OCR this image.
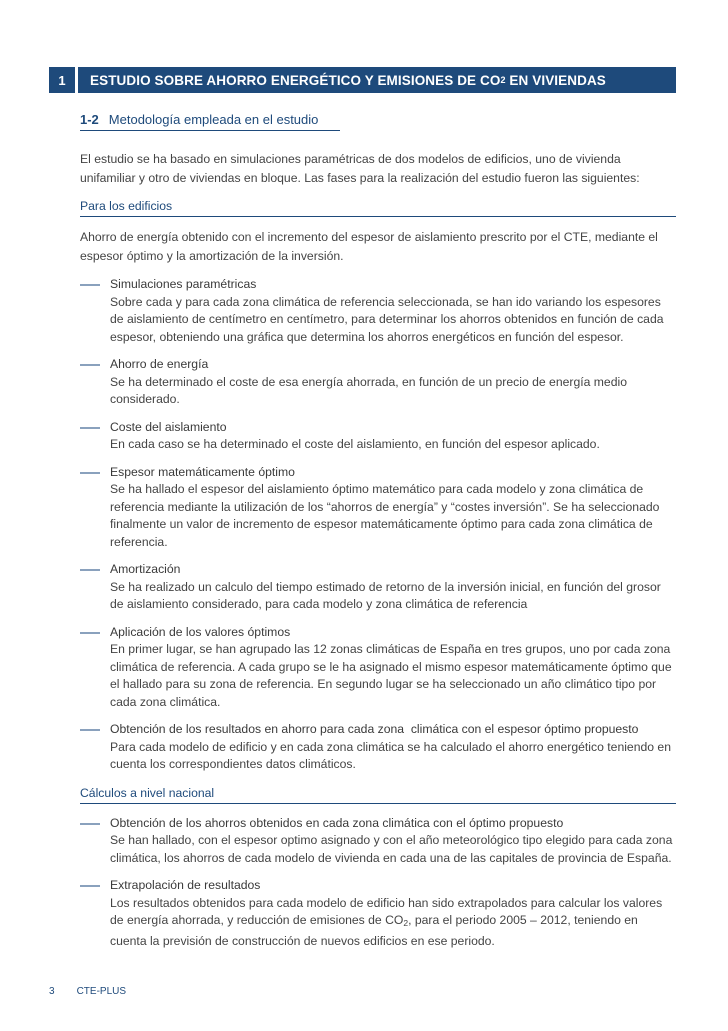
1	ESTUDIO SOBRE AHORRO ENERGÉTICO Y EMISIONES DE CO 2 EN VIVIENDAS
1-2 Metodología empleada en el estudio

El estudio se ha basado en simulaciones paramétricas de dos modelos de edificios, uno de vivienda unifamiliar y otro de viviendas en bloque. Las fases para la realización del estudio fueron las siguientes:

Para los edificios

Ahorro de energía obtenido con el incremento del espesor de aislamiento prescrito por el CTE, mediante el espesor óptimo y la amortización de la inversión.

Simulaciones paramétricas
Sobre cada y para cada zona climática de referencia seleccionada, se han ido variando los espesores de aislamiento de centímetro en centímetro, para determinar los ahorros obtenidos en función de cada espesor, obteniendo una gráfica que determina los ahorros energéticos en función del espesor.
Ahorro de energía
Se ha determinado el coste de esa energía ahorrada, en función de un precio de energía medio considerado.
Coste del aislamiento
En cada caso se ha determinado el coste del aislamiento, en función del espesor aplicado.
Espesor matemáticamente óptimo
Se ha hallado el espesor del aislamiento óptimo matemático para cada modelo y zona climática de referencia mediante la utilización de los “ahorros de energía” y “costes inversión”. Se ha seleccionado finalmente un valor de incremento de espesor matemáticamente óptimo para cada zona climática de referencia.
Amortización
Se ha realizado un calculo del tiempo estimado de retorno de la inversión inicial, en función del grosor de aislamiento considerado, para cada modelo y zona climática de referencia
Aplicación de los valores óptimos
En primer lugar, se han agrupado las 12 zonas climáticas de España en tres grupos, uno por cada zona climática de referencia. A cada grupo se le ha asignado el mismo espesor matemáticamente óptimo que el hallado para su zona de referencia. En segundo lugar se ha seleccionado un año climático tipo por cada zona climática.
Obtención de los resultados en ahorro para cada zona  climática con el espesor óptimo propuesto
Para cada modelo de edificio y en cada zona climática se ha calculado el ahorro energético teniendo en cuenta los correspondientes datos climáticos.
Cálculos a nivel nacional
Obtención de los ahorros obtenidos en cada zona climática con el óptimo propuesto
Se han hallado, con el espesor optimo asignado y con el año meteorológico tipo elegido para cada zona climática, los ahorros de cada modelo de vivienda en cada una de las capitales de provincia de España.
Extrapolación de resultados
Los resultados obtenidos para cada modelo de edificio han sido extrapolados para calcular los valores de energía ahorrada, y reducción de emisiones de $CO_2$, para el periodo 2005 – 2012, teniendo en cuenta la previsión de construcción de nuevos edificios en ese periodo.
3 CTE-PLUS
